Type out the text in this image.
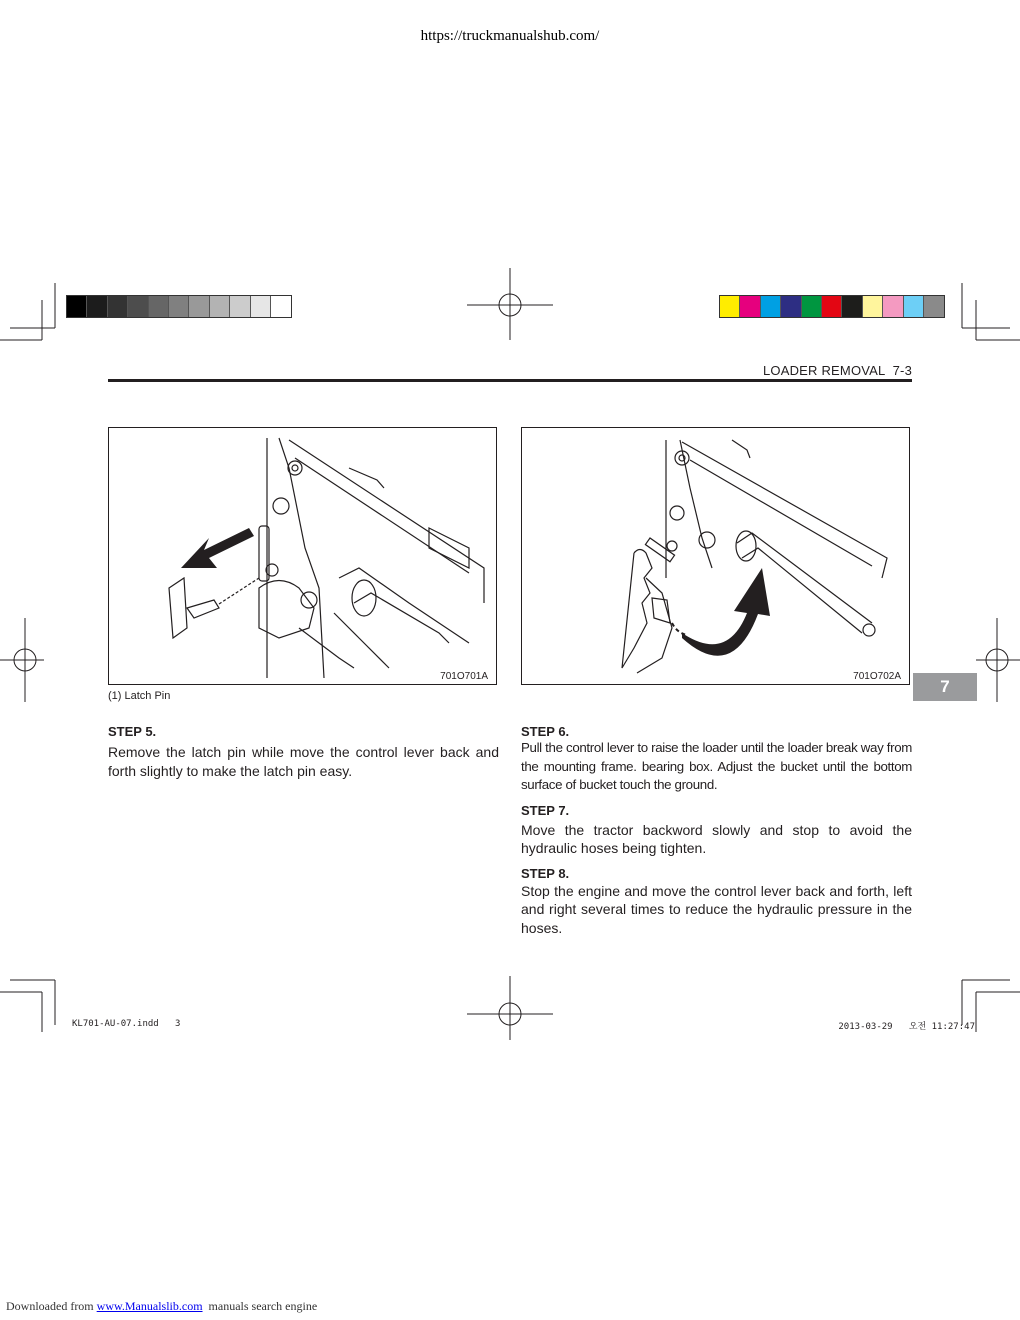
https://truckmanualshub.com/
LOADER REMOVAL  7-3
701O701A	701O702A
(1) Latch Pin
STEP 5.
Remove the latch pin while move the control lever back and forth slightly to make the latch pin easy.
STEP 6.
Pull the control lever to raise the loader until the loader break way from the mounting frame. bearing box. Adjust the bucket until the bottom surface of bucket touch the ground.
STEP 7.
Move the tractor backword slowly and stop to avoid the hydraulic hoses being tighten.
STEP 8.
Stop the engine and move the control lever back and forth, left and right several times to reduce the hydraulic pressure in the hoses.
7
KL701-AU-07.indd   3	2013-03-29   오전 11:27:47
Downloaded from www.Manualslib.com  manuals search engine
